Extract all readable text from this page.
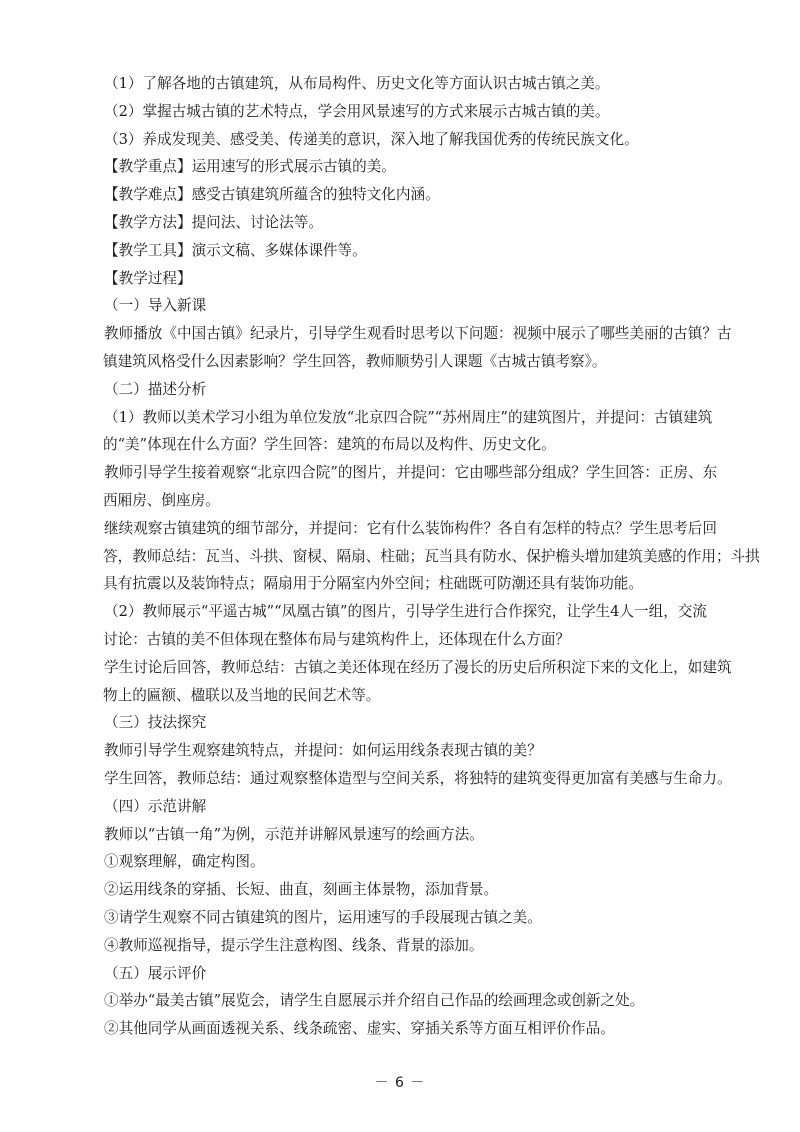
（1）了解各地的古镇建筑，从布局构件、历史文化等方面认识古城古镇之美。
（2）掌握古城古镇的艺术特点，学会用风景速写的方式来展示古城古镇的美。
（3）养成发现美、感受美、传递美的意识，深入地了解我国优秀的传统民族文化。
【教学重点】运用速写的形式展示古镇的美。
【教学难点】感受古镇建筑所蕴含的独特文化内涵。
【教学方法】提问法、讨论法等。
【教学工具】演示文稿、多媒体课件等。
【教学过程】
（一）导入新课
教师播放《中国古镇》纪录片，引导学生观看时思考以下问题：视频中展示了哪些美丽的古镇？古
镇建筑风格受什么因素影响？学生回答，教师顺势引人课题《古城古镇考察》。
（二）描述分析
（1）教师以美术学习小组为单位发放“北京四合院”“苏州周庄”的建筑图片，并提问：古镇建筑
的“美”体现在什么方面？学生回答：建筑的布局以及构件、历史文化。
教师引导学生接着观察“北京四合院”的图片，并提问：它由哪些部分组成？学生回答：正房、东
西厢房、倒座房。
继续观察古镇建筑的细节部分，并提问：它有什么装饰构件？各自有怎样的特点？学生思考后回
答，教师总结：瓦当、斗拱、窗棂、隔扇、柱础；瓦当具有防水、保护檐头增加建筑美感的作用；斗拱
具有抗震以及装饰特点；隔扇用于分隔室内外空间；柱础既可防潮还具有装饰功能。
（2）教师展示“平遥古城”“凤凰古镇”的图片，引导学生进行合作探究，让学生4人一组，交流
讨论：古镇的美不但体现在整体布局与建筑构件上，还体现在什么方面？
学生讨论后回答，教师总结：古镇之美还体现在经历了漫长的历史后所积淀下来的文化上，如建筑
物上的匾额、楹联以及当地的民间艺术等。
（三）技法探究
教师引导学生观察建筑特点，并提问：如何运用线条表现古镇的美？
学生回答，教师总结：通过观察整体造型与空间关系，将独特的建筑变得更加富有美感与生命力。
（四）示范讲解
教师以“古镇一角”为例，示范并讲解风景速写的绘画方法。
①观察理解，确定构图。
②运用线条的穿插、长短、曲直，刻画主体景物，添加背景。
③请学生观察不同古镇建筑的图片，运用速写的手段展现古镇之美。
④教师巡视指导，提示学生注意构图、线条、背景的添加。
（五）展示评价
①举办“最美古镇”展览会，请学生自愿展示并介绍自己作品的绘画理念或创新之处。
②其他同学从画面透视关系、线条疏密、虚实、穿插关系等方面互相评价作品。
－ 6 －
